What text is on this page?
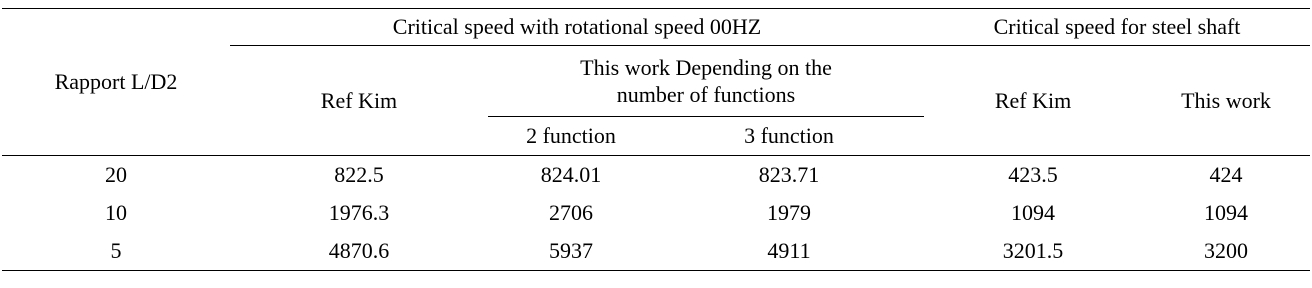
Rapport L/D2	Critical speed with rotational speed 00HZ			Critical speed for steel shaft	
	Ref Kim	This work Depending on the number of functions		Ref Kim	This work
		2 function	3 function		
20	822.5	824.01	823.71	423.5	424
10	1976.3	2706	1979	1094	1094
5	4870.6	5937	4911	3201.5	3200
